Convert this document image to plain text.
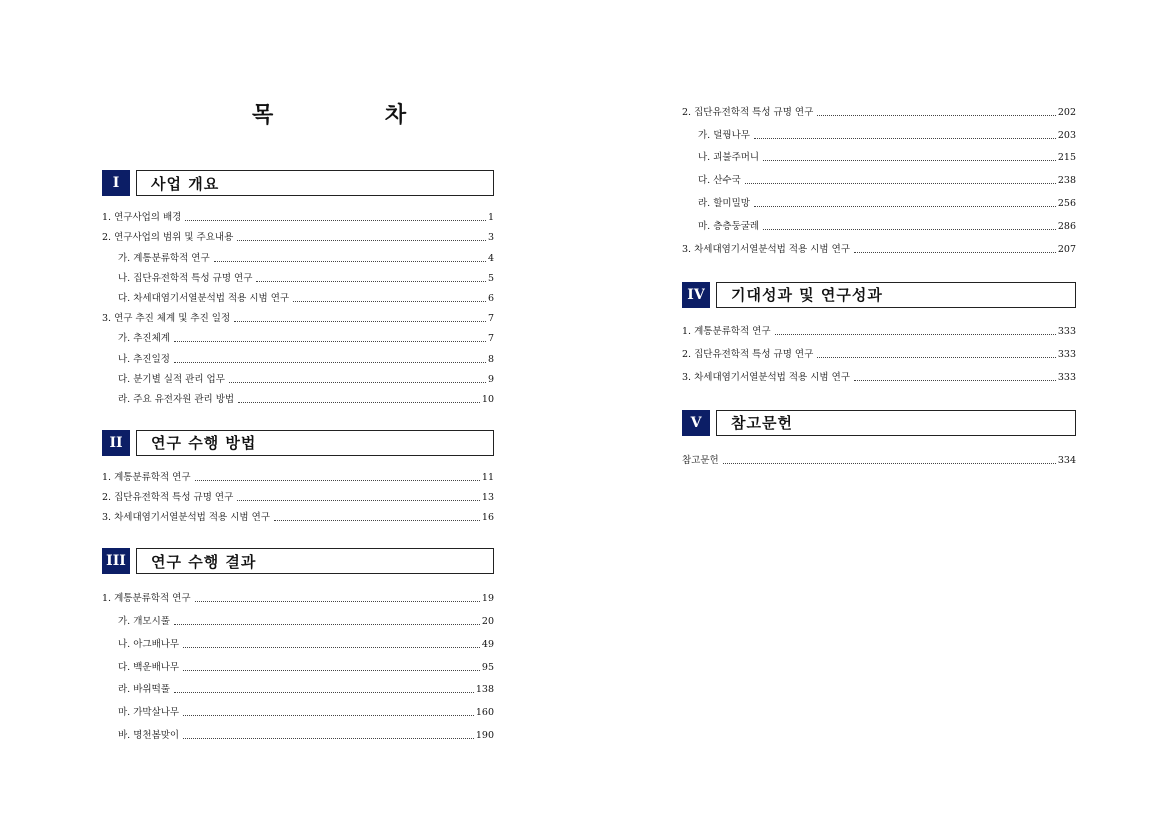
목 차
I	사업 개요
1. 연구사업의 배경	1
2. 연구사업의 범위 및 주요내용	3
가. 계통분류학적 연구	4
나. 집단유전학적 특성 규명 연구	5
다. 차세대염기서열분석법 적용 시범 연구	6
3. 연구 추진 체계 및 추진 일정	7
가. 추진체계	7
나. 추진일정	8
다. 분기별 실적 관리 업무	9
라. 주요 유전자원 관리 방법	10
II	연구 수행 방법
1. 계통분류학적 연구	11
2. 집단유전학적 특성 규명 연구	13
3. 차세대염기서열분석법 적용 시범 연구	16
III	연구 수행 결과
1. 계통분류학적 연구	19
가. 개모시풀	20
나. 아그배나무	49
다. 백운배나무	95
라. 바위떡풀	138
마. 가막살나무	160
바. 명천봄맞이	190
2. 집단유전학적 특성 규명 연구	202
가. 덜꿩나무	203
나. 괴불주머니	215
다. 산수국	238
라. 할미밀망	256
마. 층층둥굴레	286
3. 차세대염기서열분석법 적용 시범 연구	207
IV	기대성과 및 연구성과
1. 계통분류학적 연구	333
2. 집단유전학적 특성 규명 연구	333
3. 차세대염기서열분석법 적용 시범 연구	333
V	참고문헌
참고문헌	334
